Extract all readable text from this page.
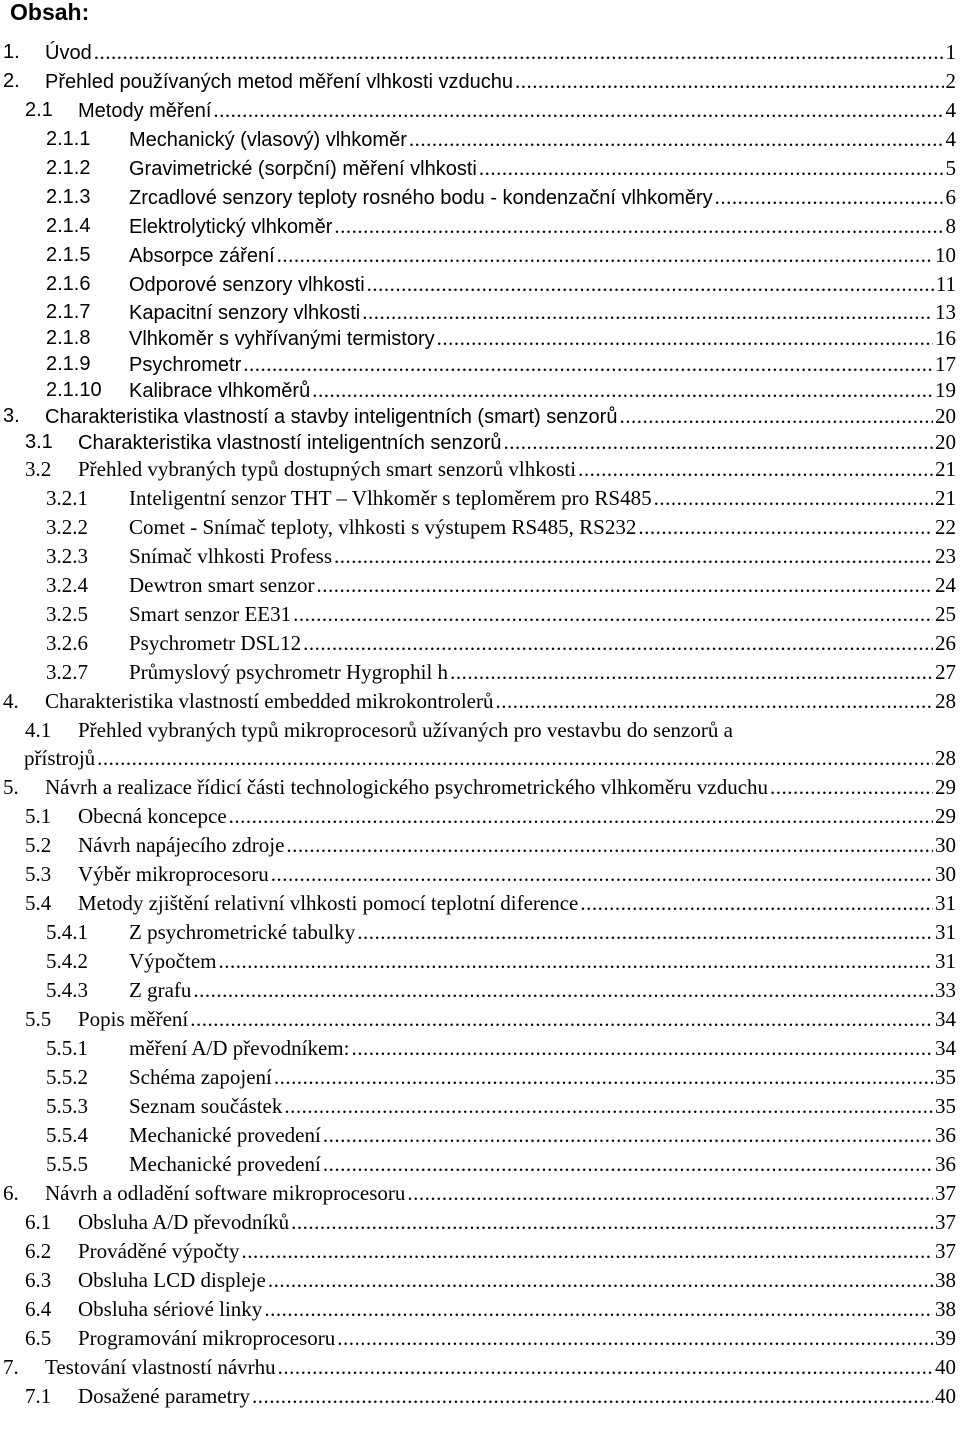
Obsah:
1. Úvod .....	1
2. Přehled používaných metod měření vlhkosti vzduchu .....	2
2.1 Metody měření .....	4
2.1.1 Mechanický (vlasový) vlhkoměr .....	4
2.1.2 Gravimetrické (sorpční) měření vlhkosti .....	5
2.1.3 Zrcadlové senzory teploty rosného bodu - kondenzační vlhkoměry .....	6
2.1.4 Elektrolytický vlhkoměr .....	8
2.1.5 Absorpce záření .....	10
2.1.6 Odporové senzory vlhkosti .....	11
2.1.7 Kapacitní senzory vlhkosti .....	13
2.1.8 Vlhkoměr s vyhřívanými termistory .....	16
2.1.9 Psychrometr .....	17
2.1.10 Kalibrace vlhkoměrů .....	19
3. Charakteristika vlastností a stavby inteligentních (smart) senzorů .....	20
3.1 Charakteristika vlastností inteligentních senzorů .....	20
3.2 Přehled vybraných typů dostupných smart senzorů vlhkosti .....	21
3.2.1 Inteligentní senzor THT – Vlhkoměr s teploměrem pro RS485 .....	21
3.2.2 Comet - Snímač teploty, vlhkosti s výstupem RS485, RS232 .....	22
3.2.3 Snímač vlhkosti Profess .....	23
3.2.4 Dewtron smart senzor .....	24
3.2.5 Smart senzor EE31 .....	25
3.2.6 Psychrometr DSL12 .....	26
3.2.7 Průmyslový psychrometr Hygrophil h .....	27
4. Charakteristika vlastností embedded mikrokontrolerů .....	28
4.1 Přehled vybraných typů mikroprocesorů užívaných pro vestavbu do senzorů a
přístrojů .....	28
5. Návrh a realizace řídicí části technologického psychrometrického vlhkoměru vzduchu .....	29
5.1 Obecná koncepce .....	29
5.2 Návrh napájecího zdroje .....	30
5.3 Výběr mikroprocesoru .....	30
5.4 Metody zjištění relativní vlhkosti pomocí teplotní diference .....	31
5.4.1 Z psychrometrické tabulky .....	31
5.4.2 Výpočtem .....	31
5.4.3 Z grafu .....	33
5.5 Popis měření .....	34
5.5.1 měření A/D převodníkem: .....	34
5.5.2 Schéma zapojení .....	35
5.5.3 Seznam součástek .....	35
5.5.4 Mechanické provedení .....	36
5.5.5 Mechanické provedení .....	36
6. Návrh a odladění software mikroprocesoru .....	37
6.1 Obsluha A/D převodníků .....	37
6.2 Prováděné výpočty .....	37
6.3 Obsluha LCD displeje .....	38
6.4 Obsluha sériové linky .....	38
6.5 Programování mikroprocesoru .....	39
7. Testování vlastností návrhu .....	40
7.1 Dosažené parametry .....	40
